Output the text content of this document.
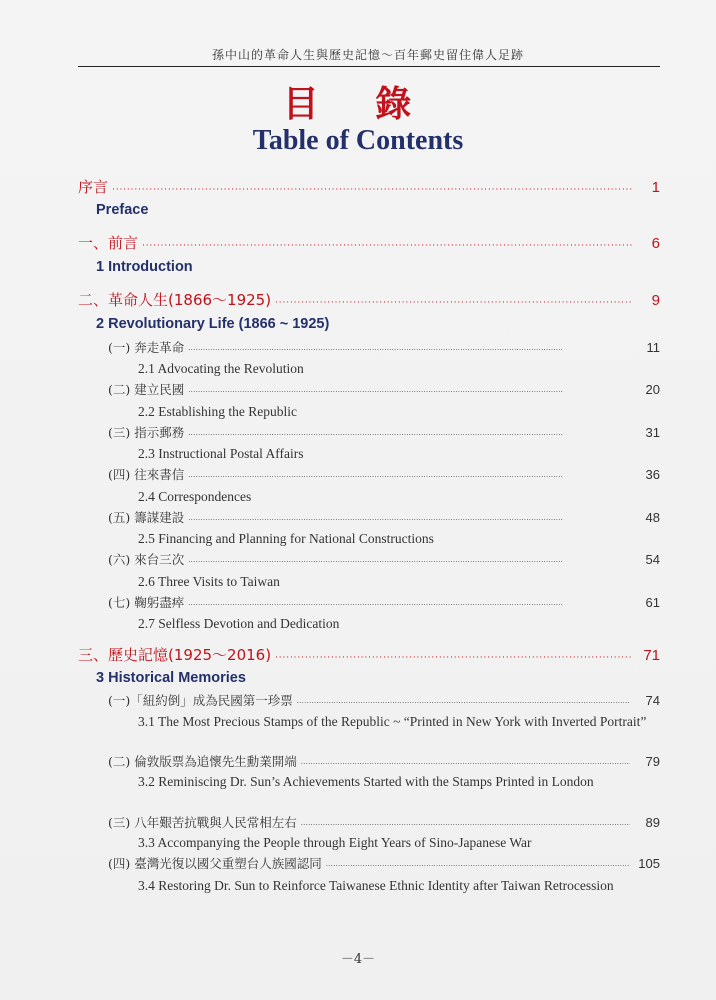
孫中山的革命人生與歷史記憶～百年郵史留住偉人足跡
目 錄
Table of Contents
序言 · · ·	1
Preface
一、前言 · · ·	6
1 Introduction
二、革命人生(1866～1925) · · ·	9
2 Revolutionary Life (1866 ~ 1925)
(一) 奔走革命 · · ·	11
2.1 Advocating the Revolution
(二) 建立民國 · · ·	20
2.2 Establishing the Republic
(三) 指示郵務 · · ·	31
2.3 Instructional Postal Affairs
(四) 往來書信 · · ·	36
2.4 Correspondences
(五) 籌謀建設 · · ·	48
2.5 Financing and Planning for National Constructions
(六) 來台三次 · · ·	54
2.6 Three Visits to Taiwan
(七) 鞠躬盡瘁 · · ·	61
2.7 Selfless Devotion and Dedication
三、歷史記憶(1925～2016) · · ·	71
3 Historical Memories
(一)「紐約倒」成為民國第一珍票 · · ·	74
3.1 The Most Precious Stamps of the Republic ~ “Printed in New York with Inverted Portrait”
(二) 倫敦版票為追懷先生勳業開端 · · ·	79
3.2 Reminiscing Dr. Sun’s Achievements Started with the Stamps Printed in London
(三) 八年艱苦抗戰與人民常相左右 · · ·	89
3.3 Accompanying the People through Eight Years of Sino-Japanese War
(四) 臺灣光復以國父重塑台人族國認同 · · ·	105
3.4 Restoring Dr. Sun to Reinforce Taiwanese Ethnic Identity after Taiwan Retrocession
－4－
